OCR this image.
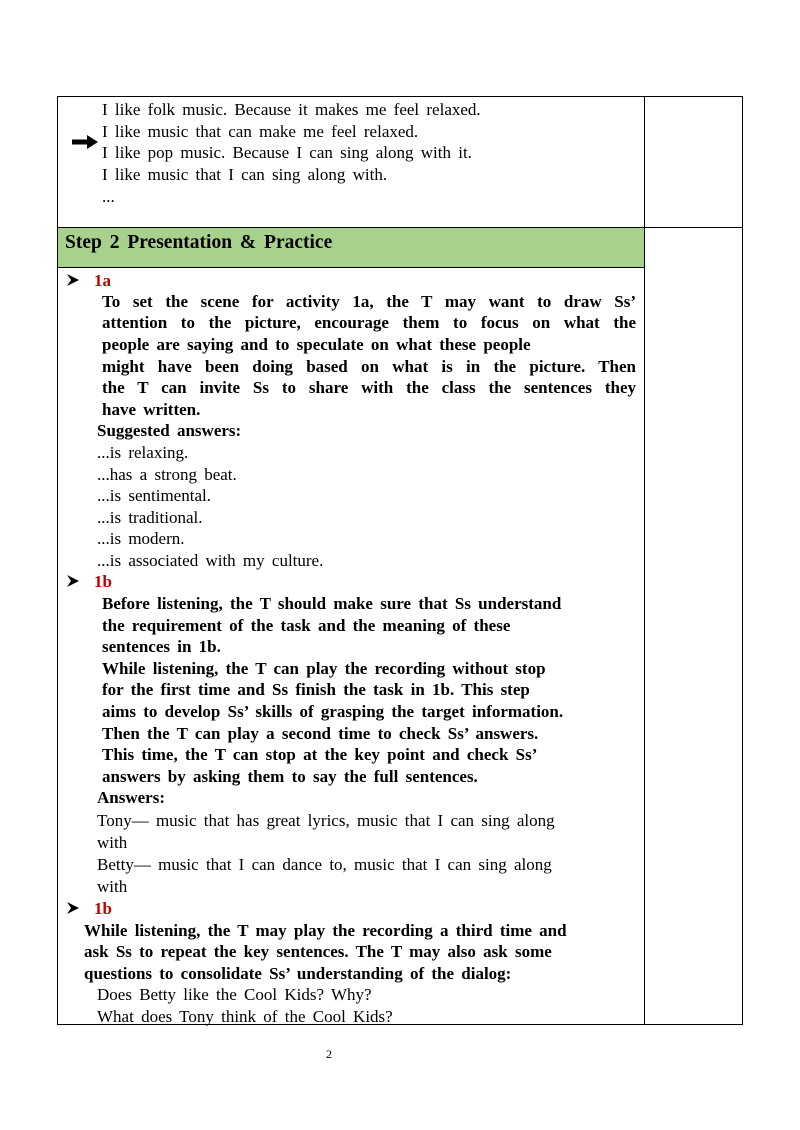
I like folk music. Because it makes me feel relaxed.
I like music that can make me feel relaxed.
I like pop music. Because I can sing along with it.
I like music that I can sing along with.
...
Step 2 Presentation & Practice
1a
To set the scene for activity 1a, the T may want to draw Ss’
attention to the picture, encourage them to focus on what the
people are saying and to speculate on what these people
might have been doing based on what is in the picture. Then
the T can invite Ss to share with the class the sentences they
have written.
Suggested answers:
...is relaxing.
...has a strong beat.
...is sentimental.
...is traditional.
...is modern.
...is associated with my culture.
1b
Before listening, the T should make sure that Ss understand
the requirement of the task and the meaning of these
sentences in 1b.
While listening, the T can play the recording without stop
for the first time and Ss finish the task in 1b. This step
aims to develop Ss’ skills of grasping the target information.
Then the T can play a second time to check Ss’ answers.
This time, the T can stop at the key point and check Ss’
answers by asking them to say the full sentences.
Answers:
Tony— music that has great lyrics, music that I can sing along
with
Betty— music that I can dance to, music that I can sing along
with
1b
While listening, the T may play the recording a third time and
ask Ss to repeat the key sentences. The T may also ask some
questions to consolidate Ss’ understanding of the dialog:
Does Betty like the Cool Kids? Why?
What does Tony think of the Cool Kids?
2
